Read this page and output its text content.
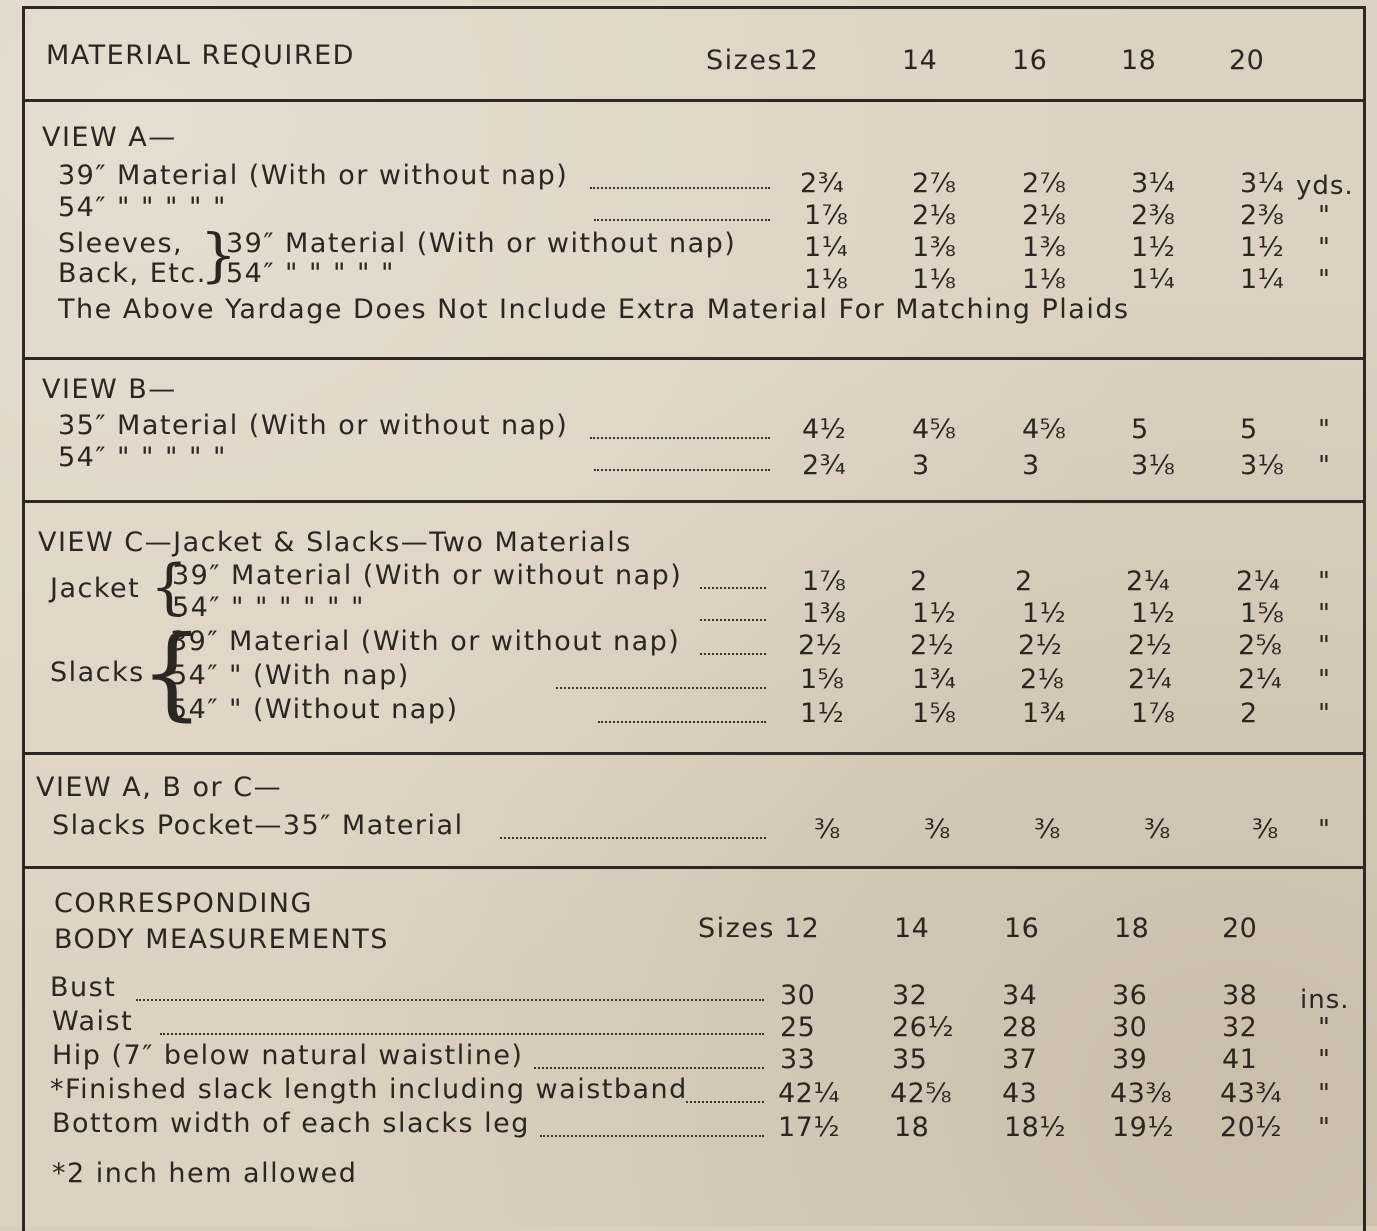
MATERIAL REQUIRED	Sizes 12	14	16	18	20
VIEW A—
39″ Material (With or without nap)	2¾	2⅞ 2⅞ 3¼ 3¼ yds.
54″ " " " " "	1⅞ 2⅛ 2⅛ 2⅜ 2⅜ "
Sleeves,
Back, Etc.
}
39″ Material (With or without nap)	1¼ 1⅜ 1⅜ 1½ 1½ "
54″ " " " " "	1⅛ 1⅛ 1⅛ 1¼ 1¼ "
The Above Yardage Does Not Include Extra Material For Matching Plaids
VIEW B—
35″ Material (With or without nap)	4½ 4⅝ 4⅝ 5	5 "
54″ " " " " "	2¾ 3	3	3⅛ 3⅛ "
VIEW C—Jacket & Slacks—Two Materials
Jacket {
39″ Material (With or without nap)	1⅞ 2	2	2¼ 2¼ "
54″ " " " " " "	1⅜ 1½ 1½ 1½ 1⅝ "
Slacks
{
39″ Material (With or without nap)	2½	2½ 2½ 2½ 2⅝ "
54″ " (With nap)	1⅝	1¾ 2⅛ 2¼ 2¼ "
54″ " (Without nap)	1½	1⅝ 1¾ 1⅞ 2 "
VIEW A, B or C—
Slacks Pocket—35″ Material	⅜	⅜	⅜	⅜	⅜ "
CORRESPONDING
BODY MEASUREMENTS	Sizes 12	14	16	18	20
Bust	30	32	34	36	38 ins.
Waist	25	26½ 28	30	32 "
Hip (7″ below natural waistline)	33	35	37	39	41 "
*Finished slack length including waistband	42¼ 42⅝ 43	43⅜ 43¾ "
Bottom width of each slacks leg	17½ 18	18½ 19½ 20½ "
*2 inch hem allowed
